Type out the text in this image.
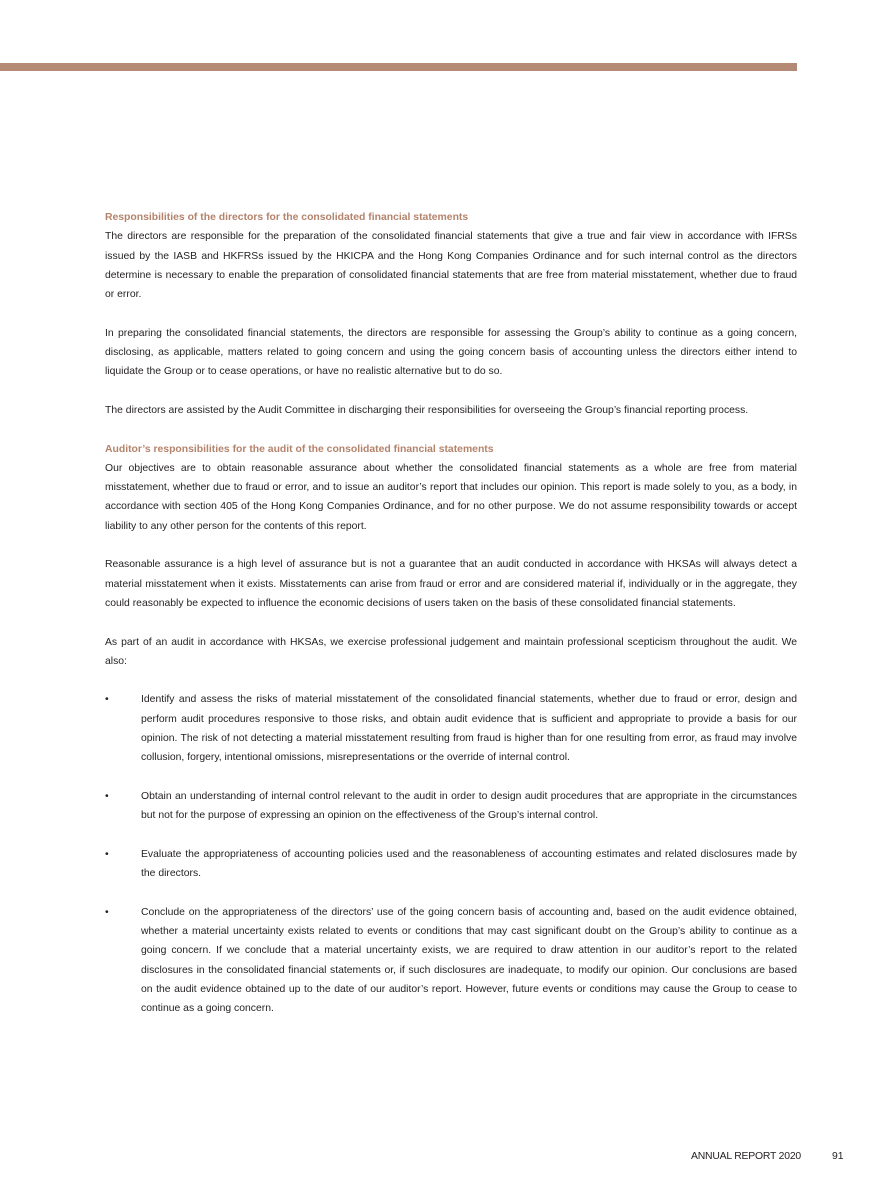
Responsibilities of the directors for the consolidated financial statements

The directors are responsible for the preparation of the consolidated financial statements that give a true and fair view in accordance with IFRSs issued by the IASB and HKFRSs issued by the HKICPA and the Hong Kong Companies Ordinance and for such internal control as the directors determine is necessary to enable the preparation of consolidated financial statements that are free from material misstatement, whether due to fraud or error.

In preparing the consolidated financial statements, the directors are responsible for assessing the Group’s ability to continue as a going concern, disclosing, as applicable, matters related to going concern and using the going concern basis of accounting unless the directors either intend to liquidate the Group or to cease operations, or have no realistic alternative but to do so.

The directors are assisted by the Audit Committee in discharging their responsibilities for overseeing the Group’s financial reporting process.

Auditor’s responsibilities for the audit of the consolidated financial statements

Our objectives are to obtain reasonable assurance about whether the consolidated financial statements as a whole are free from material misstatement, whether due to fraud or error, and to issue an auditor’s report that includes our opinion. This report is made solely to you, as a body, in accordance with section 405 of the Hong Kong Companies Ordinance, and for no other purpose. We do not assume responsibility towards or accept liability to any other person for the contents of this report.

Reasonable assurance is a high level of assurance but is not a guarantee that an audit conducted in accordance with HKSAs will always detect a material misstatement when it exists. Misstatements can arise from fraud or error and are considered material if, individually or in the aggregate, they could reasonably be expected to influence the economic decisions of users taken on the basis of these consolidated financial statements.

As part of an audit in accordance with HKSAs, we exercise professional judgement and maintain professional scepticism throughout the audit. We also:

•	Identify and assess the risks of material misstatement of the consolidated financial statements, whether due to fraud or error, design and perform audit procedures responsive to those risks, and obtain audit evidence that is sufficient and appropriate to provide a basis for our opinion. The risk of not detecting a material misstatement resulting from fraud is higher than for one resulting from error, as fraud may involve collusion, forgery, intentional omissions, misrepresentations or the override of internal control.

•	Obtain an understanding of internal control relevant to the audit in order to design audit procedures that are appropriate in the circumstances but not for the purpose of expressing an opinion on the effectiveness of the Group’s internal control.

•	Evaluate the appropriateness of accounting policies used and the reasonableness of accounting estimates and related disclosures made by the directors.

•	Conclude on the appropriateness of the directors’ use of the going concern basis of accounting and, based on the audit evidence obtained, whether a material uncertainty exists related to events or conditions that may cast significant doubt on the Group’s ability to continue as a going concern. If we conclude that a material uncertainty exists, we are required to draw attention in our auditor’s report to the related disclosures in the consolidated financial statements or, if such disclosures are inadequate, to modify our opinion. Our conclusions are based on the audit evidence obtained up to the date of our auditor’s report. However, future events or conditions may cause the Group to cease to continue as a going concern.

ANNUAL REPORT 2020	91
